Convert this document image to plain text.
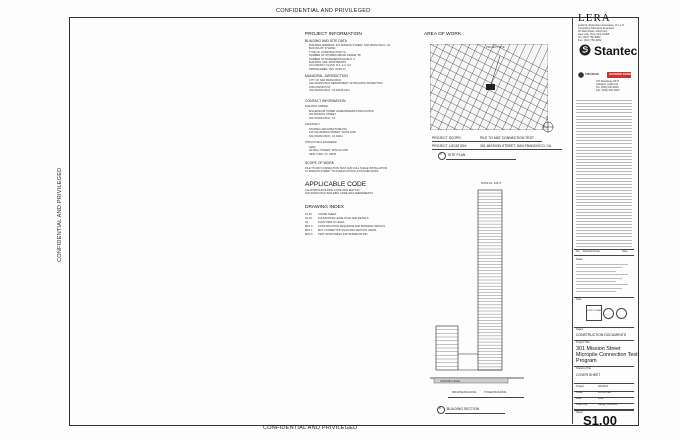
CONFIDENTIAL AND PRIVILEGED
CONFIDENTIAL AND PRIVILEGED
CONFIDENTIAL AND PRIVILEGED
PROJECT INFORMATION
BUILDING AND SITE DATA
BUILDING ADDRESS: 301 MISSION STREET, SAN FRANCISCO, CA
BLOCK/LOT: 3719/001
TYPE OF CONSTRUCTION: IA
NUMBER OF STORIES ABOVE GRADE: 58
NUMBER OF BASEMENTS/LEVELS: 4
BUILDING USE: APARTMENTS
OCCUPANCY CLASS: R-2, A-3, S-2
SPRINKLERED: YES, NFPA 13
MUNICIPAL JURISDICTION
CITY OF SAN FRANCISCO
SAN FRANCISCO DEPARTMENT OF BUILDING INSPECTION
1660 MISSION ST
SAN FRANCISCO, CA 94103-2414
CONTACT INFORMATION
BUILDING OWNER
MILLENNIUM TOWER HOMEOWNERS ASSOCIATION
301 MISSION STREET
SAN FRANCISCO, CA
ARCHITECT
STANTEC ARCHITECTURE INC.
100 CALIFORNIA STREET, SUITE 1000
SAN FRANCISCO, CA 94111
STRUCTURAL ENGINEER
LERA
40 WALL STREET, 50TH FLOOR
NEW YORK, NY 10005
SCOPE OF WORK
PILE TO MAT CONNECTION TEST AND FULL SCALE INSTALLATION
AT MISSION STREET TO ASSESS INSTALLATION METHODS
APPLICABLE CODE
CALIFORNIA BUILDING CODE 2016 EDITION
SAN FRANCISCO BUILDING CODE 2016 AMENDMENTS
DRAWING INDEX
S1.00 COVER SHEET
S1.01 FOUNDATION LEVEL PLAN AND DETAILS
S2	PLAN VIEW AT LEVEL
MP1.0 CONSTRUCTION SEQUENCE AND MATERIAL DETAILS
MP1.1 MAT CONNECTION PLAN AND SECTION VIEWS
MP2.0 TEST MONITORING INSTRUMENTATION
AREA OF WORK
PROJECT SITE
N
PROJECT SCOPE:	PILE TO MAT CONNECTION TEST
PROJECT LOCATION:	301 MISSION STREET, SAN FRANCISCO, CA
A SITE PLAN
ROOF EL. 645'-0"
GROUND LEVEL
MID-RISE BUILDING	TOWER BUILDING
B BUILDING SECTION
LERA
Leslie E. Robertson Associates, R.L.L.P.
Consulting Structural Engineers
40 Wall Street, 23rd Floor
New York, New York 10005
Tel: (212) 750-9000
Fax: (212) 750-9002
Stantec
TREVIICOS	HAYWARD BAKER
707 Broadway #677
Oakland, California
Tel: (000) 000-0000
Fax: (000) 000-0000
No. Revision/Issue	Date
Notes
Seal
STRUCTURAL
Status
CONSTRUCTION DOCUMENTS
Project Title
301 Mission Street
Micropile Connection Test
Program
Drawing Title
COVER SHEET
Project	2016016
Scale	AS NOTED
Date	2018
Drawn By	Design Reviewer
Sheet
S1.00
